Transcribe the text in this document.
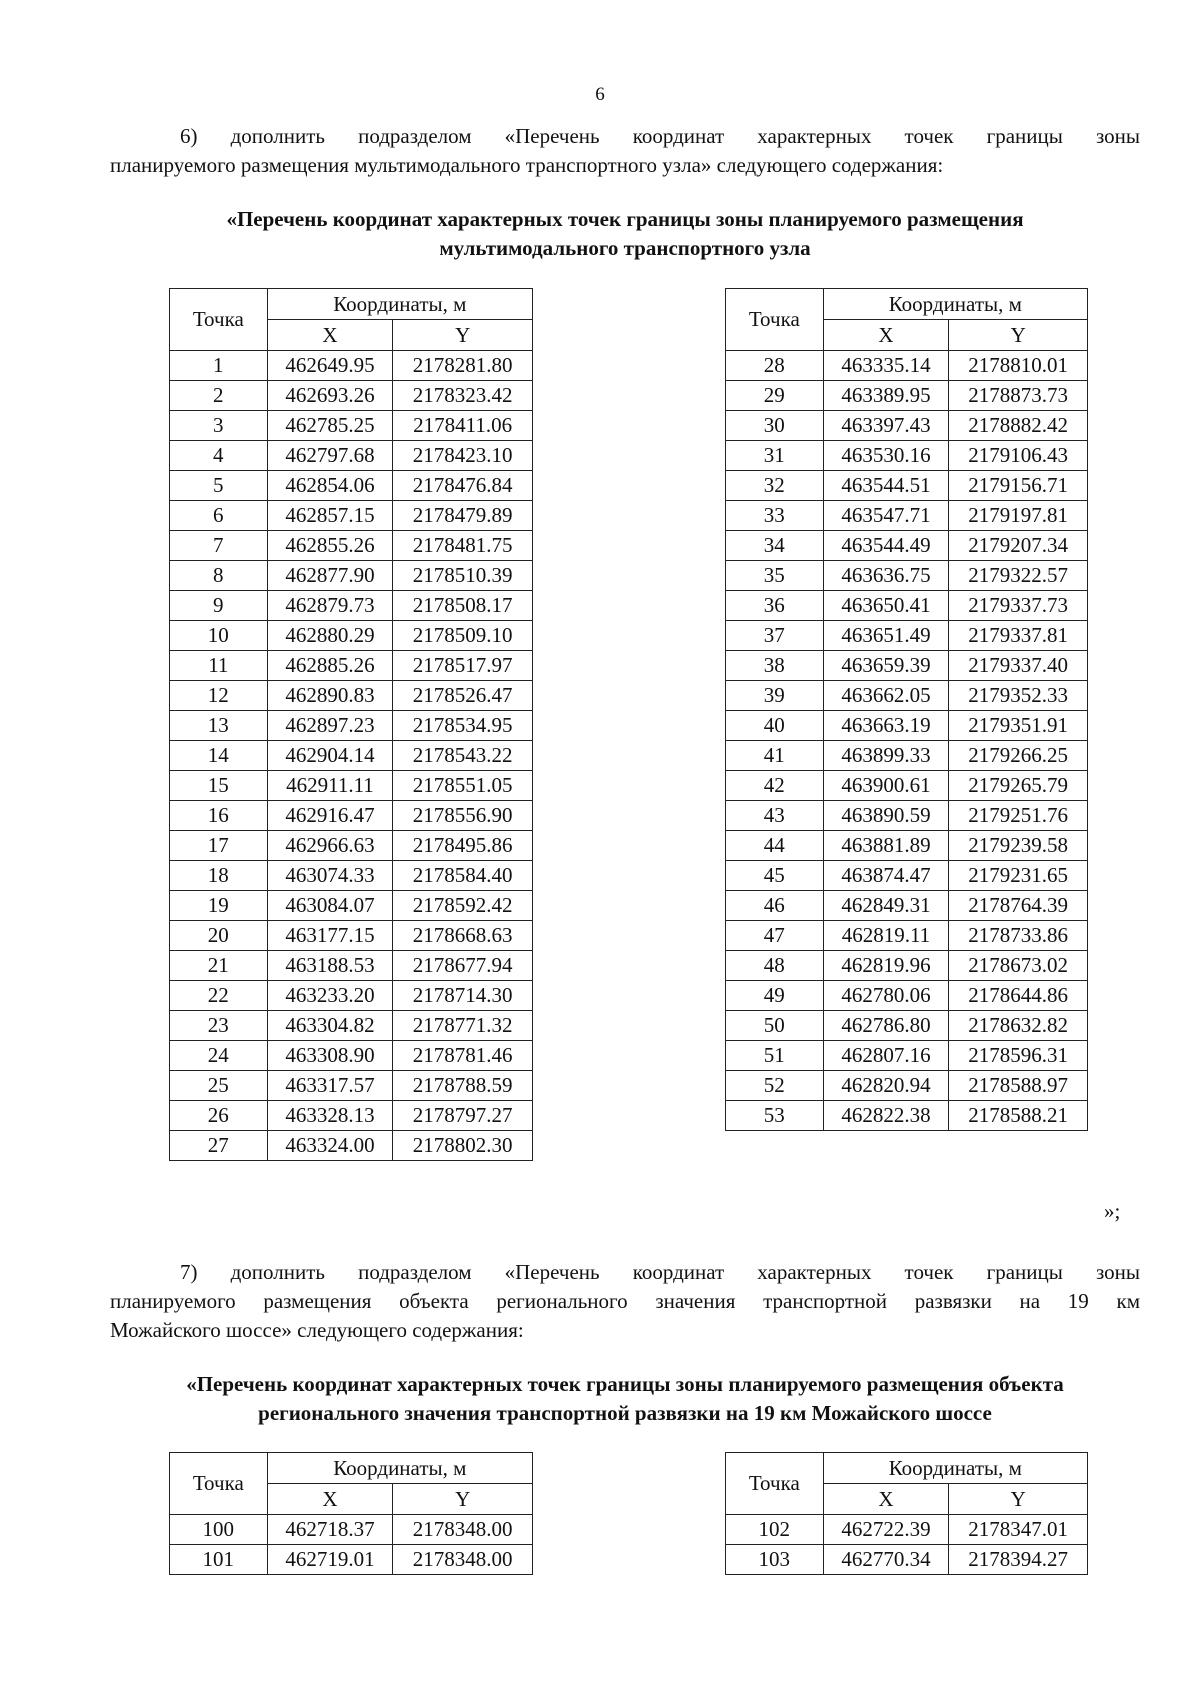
6
6) дополнить подразделом «Перечень координат характерных точек границы зоны
планируемого размещения мультимодального транспортного узла» следующего содержания:
«Перечень координат характерных точек границы зоны планируемого размещения
мультимодального транспортного узла
Точка	Координаты, м	
	X	Y
1	462649.95	2178281.80
2	462693.26	2178323.42
3	462785.25	2178411.06
4	462797.68	2178423.10
5	462854.06	2178476.84
6	462857.15	2178479.89
7	462855.26	2178481.75
8	462877.90	2178510.39
9	462879.73	2178508.17
10	462880.29	2178509.10
11	462885.26	2178517.97
12	462890.83	2178526.47
13	462897.23	2178534.95
14	462904.14	2178543.22
15	462911.11	2178551.05
16	462916.47	2178556.90
17	462966.63	2178495.86
18	463074.33	2178584.40
19	463084.07	2178592.42
20	463177.15	2178668.63
21	463188.53	2178677.94
22	463233.20	2178714.30
23	463304.82	2178771.32
24	463308.90	2178781.46
25	463317.57	2178788.59
26	463328.13	2178797.27
27	463324.00	2178802.30
Точка	Координаты, м	
	X	Y
28	463335.14	2178810.01
29	463389.95	2178873.73
30	463397.43	2178882.42
31	463530.16	2179106.43
32	463544.51	2179156.71
33	463547.71	2179197.81
34	463544.49	2179207.34
35	463636.75	2179322.57
36	463650.41	2179337.73
37	463651.49	2179337.81
38	463659.39	2179337.40
39	463662.05	2179352.33
40	463663.19	2179351.91
41	463899.33	2179266.25
42	463900.61	2179265.79
43	463890.59	2179251.76
44	463881.89	2179239.58
45	463874.47	2179231.65
46	462849.31	2178764.39
47	462819.11	2178733.86
48	462819.96	2178673.02
49	462780.06	2178644.86
50	462786.80	2178632.82
51	462807.16	2178596.31
52	462820.94	2178588.97
53	462822.38	2178588.21
»;
7) дополнить подразделом «Перечень координат характерных точек границы зоны
планируемого размещения объекта регионального значения транспортной развязки на 19 км
Можайского шоссе» следующего содержания:
«Перечень координат характерных точек границы зоны планируемого размещения объекта
регионального значения транспортной развязки на 19 км Можайского шоссе
Точка	Координаты, м	
	X	Y
100	462718.37	2178348.00
101	462719.01	2178348.00
Точка	Координаты, м	
	X	Y
102	462722.39	2178347.01
103	462770.34	2178394.27
